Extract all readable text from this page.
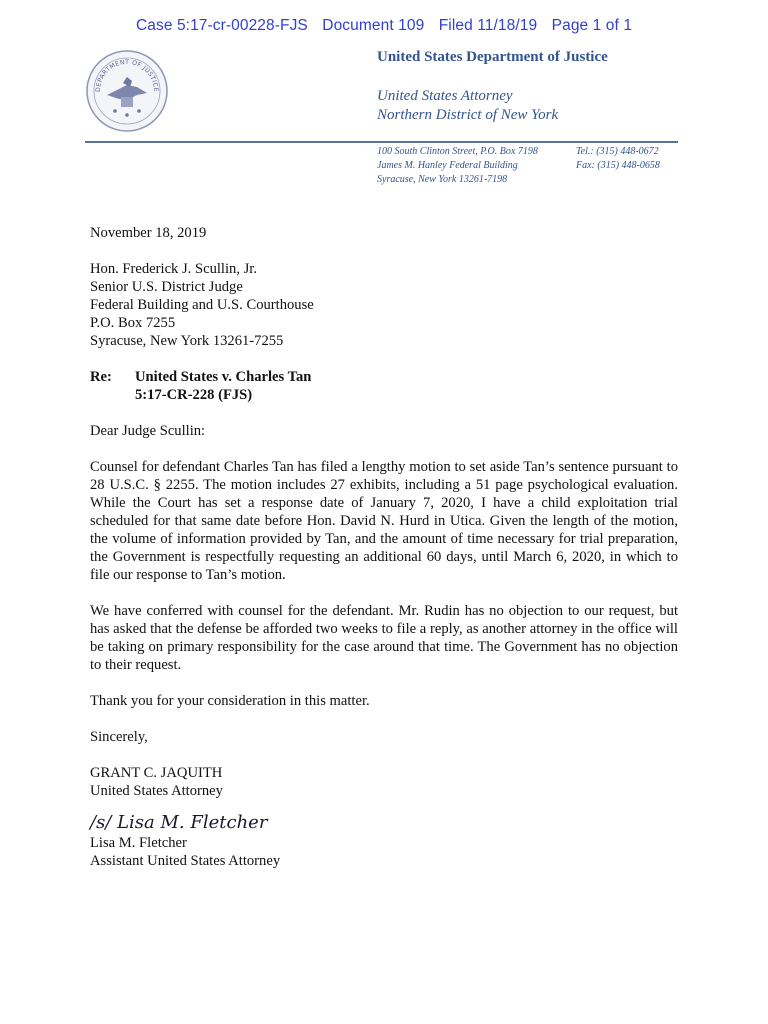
Case 5:17-cr-00228-FJS Document 109 Filed 11/18/19 Page 1 of 1
DEPARTMENT OF JUSTICE
United States Department of Justice
United States Attorney
Northern District of New York
100 South Clinton Street, P.O. Box 7198
James M. Hanley Federal Building
Syracuse, New York 13261-7198
Tel.: (315) 448-0672
Fax: (315) 448-0658

November 18, 2019

Hon. Frederick J. Scullin, Jr.

Senior U.S. District Judge

Federal Building and U.S. Courthouse

P.O. Box 7255

Syracuse, New York 13261-7255

Re:	United States v. Charles Tan
5:17-CR-228 (FJS)

Dear Judge Scullin:

Counsel for defendant Charles Tan has filed a lengthy motion to set aside Tan’s sentence pursuant to 28 U.S.C. § 2255. The motion includes 27 exhibits, including a 51 page psychological evaluation. While the Court has set a response date of January 7, 2020, I have a child exploitation trial scheduled for that same date before Hon. David N. Hurd in Utica. Given the length of the motion, the volume of information provided by Tan, and the amount of time necessary for trial preparation, the Government is respectfully requesting an additional 60 days, until March 6, 2020, in which to file our response to Tan’s motion.

We have conferred with counsel for the defendant. Mr. Rudin has no objection to our request, but has asked that the defense be afforded two weeks to file a reply, as another attorney in the office will be taking on primary responsibility for the case around that time. The Government has no objection to their request.

Thank you for your consideration in this matter.

Sincerely,

GRANT C. JAQUITH

United States Attorney

/s/ Lisa M. Fletcher

Lisa M. Fletcher

Assistant United States Attorney
